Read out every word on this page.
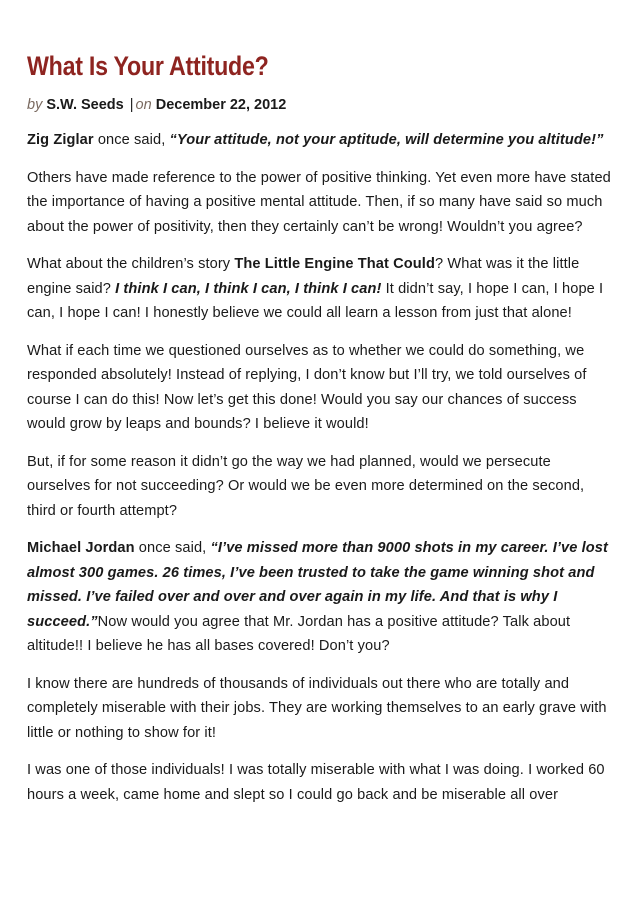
What Is Your Attitude?
by S.W. Seeds | on December 22, 2012

Zig Ziglar once said, “Your attitude, not your aptitude, will determine you altitude!”

Others have made reference to the power of positive thinking. Yet even more have stated the importance of having a positive mental attitude. Then, if so many have said so much about the power of positivity, then they certainly can’t be wrong! Wouldn’t you agree?

What about the children’s story The Little Engine That Could? What was it the little engine said? I think I can, I think I can, I think I can! It didn’t say, I hope I can, I hope I can, I hope I can! I honestly believe we could all learn a lesson from just that alone!

What if each time we questioned ourselves as to whether we could do something, we responded absolutely! Instead of replying, I don’t know but I’ll try, we told ourselves of course I can do this! Now let’s get this done! Would you say our chances of success would grow by leaps and bounds? I believe it would!

But, if for some reason it didn’t go the way we had planned, would we persecute ourselves for not succeeding? Or would we be even more determined on the second, third or fourth attempt?

Michael Jordan once said, “I’ve missed more than 9000 shots in my career. I’ve lost almost 300 games. 26 times, I’ve been trusted to take the game winning shot and missed. I’ve failed over and over and over again in my life. And that is why I succeed.”Now would you agree that Mr. Jordan has a positive attitude? Talk about altitude!! I believe he has all bases covered! Don’t you?

I know there are hundreds of thousands of individuals out there who are totally and completely miserable with their jobs. They are working themselves to an early grave with little or nothing to show for it!

I was one of those individuals! I was totally miserable with what I was doing. I worked 60 hours a week, came home and slept so I could go back and be miserable all over
